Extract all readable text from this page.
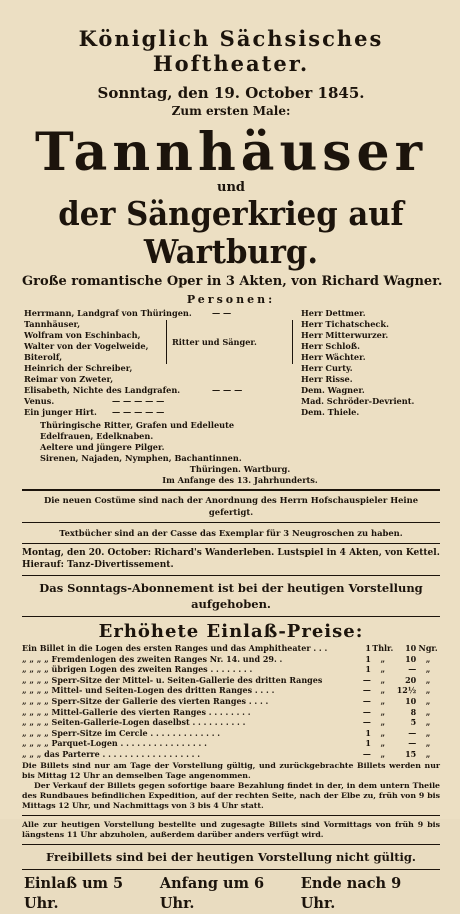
Königlich Sächsisches Hoftheater.
Sonntag, den 19. October 1845.
Zum ersten Male:
Tannhäuser
und
der Sängerkrieg auf Wartburg.
Große romantische Oper in 3 Akten, von Richard Wagner.
Personen:
Ritter und Sänger.
Herrmann, Landgraf von Thüringen. — —	Herr Dettmer.
Tannhäuser,	Herr Tichatscheck.
Wolfram von Eschinbach,	Herr Mitterwurzer.
Walter von der Vogelweide,	Herr Schloß.
Biterolf,	Herr Wächter.
Heinrich der Schreiber,	Herr Curty.
Reimar von Zweter,	Herr Risse.
Elisabeth, Nichte des Landgrafen.	— — —	Dem. Wagner.
Venus.	— — — — —	Mad. Schröder-Devrient.
Ein junger Hirt. — — — — —	Dem. Thiele.
Thüringische Ritter, Grafen und Edelleute
Edelfrauen, Edelknaben.
Aeltere und jüngere Pilger.
Sirenen, Najaden, Nymphen, Bachantinnen.
Thüringen. Wartburg.
Im Anfange des 13. Jahrhunderts.
Die neuen Costüme sind nach der Anordnung des Herrn Hofschauspieler Heine gefertigt.
Textbücher sind an der Casse das Exemplar für 3 Neugroschen zu haben.
Montag, den 20. October: Richard's Wanderleben. Lustspiel in 4 Akten, von Kettel. Hierauf: Tanz-Divertissement.
Das Sonntags-Abonnement ist bei der heutigen Vorstellung aufgehoben.
Erhöhete Einlaß-Preise:
Ein Billet in die Logen des ersten Ranges und das Amphitheater . . .	1	Thlr.	10	Ngr.
„ „ „ „ Fremdenlogen des zweiten Ranges Nr. 14. und 29. .	1	„	10	„
„ „ „ „ übrigen Logen des zweiten Ranges . . . . . . . .	1	„	—	„
„ „ „ „ Sperr-Sitze der Mittel- u. Seiten-Gallerie des dritten Ranges	—	„	20	„
„ „ „ „ Mittel- und Seiten-Logen des dritten Ranges . . . .	—	„	12½	„
„ „ „ „ Sperr-Sitze der Gallerie des vierten Ranges . . . .	—	„	10	„
„ „ „ „ Mittel-Gallerie des vierten Ranges . . . . . . . .	—	„	8	„
„ „ „ „ Seiten-Gallerie-Logen daselbst . . . . . . . . . .	—	„	5	„
„ „ „ „ Sperr-Sitze im Cercle . . . . . . . . . . . . .	1	„	—	„
„ „ „ „ Parquet-Logen . . . . . . . . . . . . . . . .	1	„	—	„
„ „ „ das Parterre . . . . . . . . . . . . . . . . . .	—	„	15	„
Die Billets sind nur am Tage der Vorstellung gültig, und zurückgebrachte Billets werden nur bis Mittag 12 Uhr an demselben Tage angenommen.
Der Verkauf der Billets gegen sofortige baare Bezahlung findet in der, in dem untern Theile des Rundbaues befindlichen Expedition, auf der rechten Seite, nach der Elbe zu, früh von 9 bis Mittags 12 Uhr, und Nachmittags von 3 bis 4 Uhr statt.
Alle zur heutigen Vorstellung bestellte und zugesagte Billets sind Vormittags von früh 9 bis längstens 11 Uhr abzuholen, außerdem darüber anders verfügt wird.
Freibillets sind bei der heutigen Vorstellung nicht gültig.
Einlaß um 5 Uhr.
Anfang um 6 Uhr.
Ende nach 9 Uhr.
